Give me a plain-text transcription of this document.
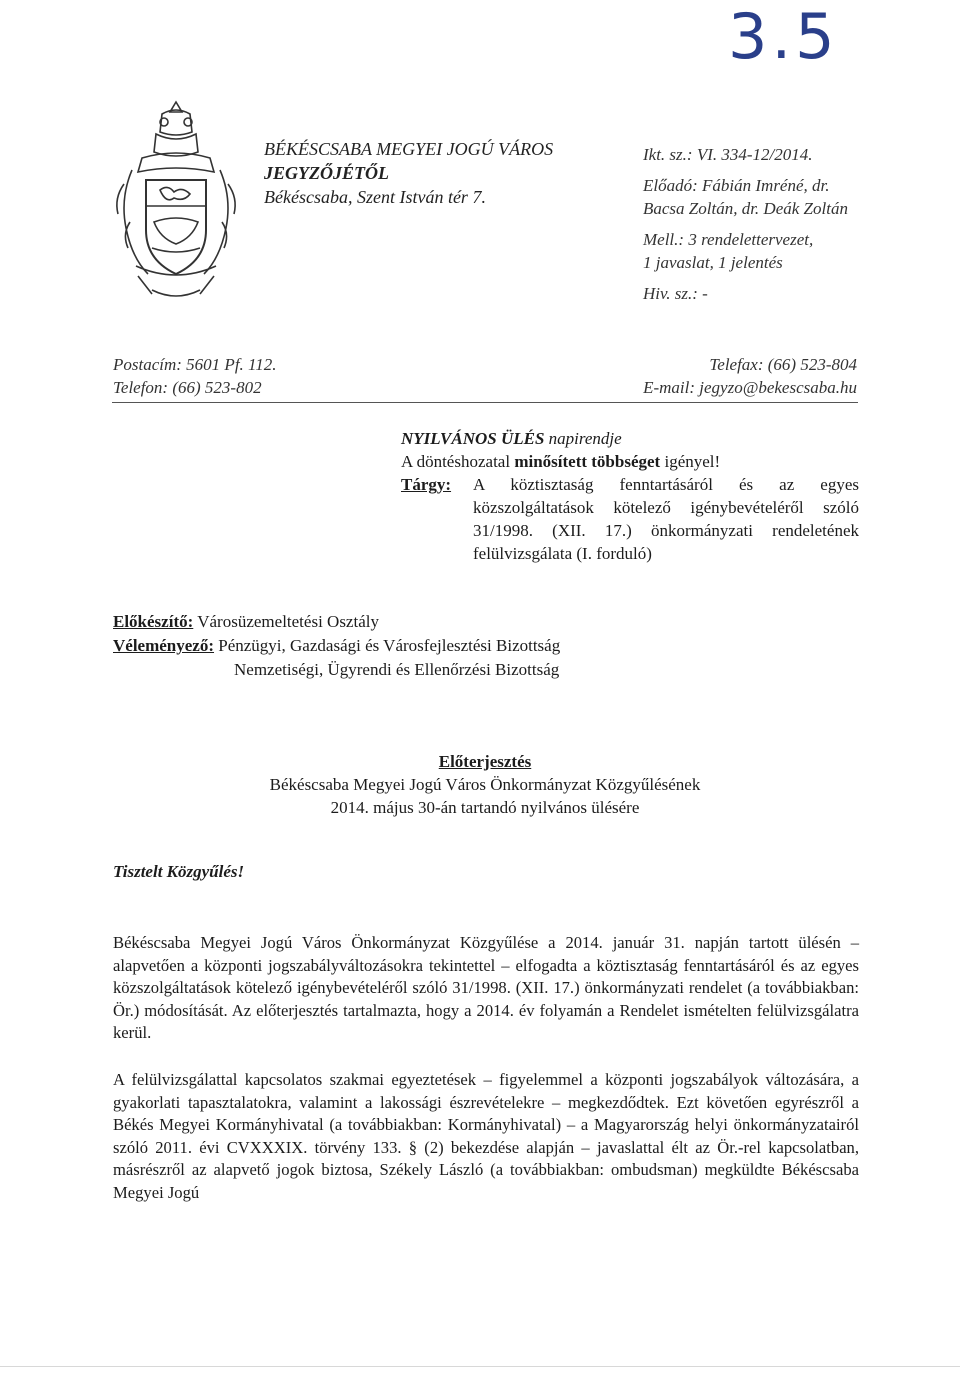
3.5
BÉKÉSCSABA MEGYEI JOGÚ VÁROS
JEGYZŐJÉTŐL
Békéscsaba, Szent István tér 7.
Ikt. sz.: VI. 334-12/2014.
Előadó: Fábián Imréné, dr.
Bacsa Zoltán, dr. Deák Zoltán
Mell.: 3 rendelettervezet,
1 javaslat, 1 jelentés
Hiv. sz.: -
Postacím: 5601 Pf. 112.
Telefon: (66) 523-802
Telefax: (66) 523-804
E-mail: jegyzo@bekescsaba.hu
NYILVÁNOS ÜLÉS napirendje
A döntéshozatal minősített többséget igényel!
Tárgy:	A köztisztaság fenntartásáról és az egyes közszolgáltatások kötelező igénybevételéről szóló 31/1998. (XII. 17.) önkormányzati rendeletének felülvizsgálata (I. forduló)
Előkészítő: Városüzemeltetési Osztály
Véleményező: Pénzügyi, Gazdasági és Városfejlesztési Bizottság
Nemzetiségi, Ügyrendi és Ellenőrzési Bizottság
Előterjesztés
Békéscsaba Megyei Jogú Város Önkormányzat Közgyűlésének
2014. május 30-án tartandó nyilvános ülésére
Tisztelt Közgyűlés!
Békéscsaba Megyei Jogú Város Önkormányzat Közgyűlése a 2014. január 31. napján tartott ülésén – alapvetően a központi jogszabályváltozásokra tekintettel – elfogadta a köztisztaság fenntartásáról és az egyes közszolgáltatások kötelező igénybevételéről szóló 31/1998. (XII. 17.) önkormányzati rendelet (a továbbiakban: Ör.) módosítását. Az előterjesztés tartalmazta, hogy a 2014. év folyamán a Rendelet ismételten felülvizsgálatra kerül.
A felülvizsgálattal kapcsolatos szakmai egyeztetések – figyelemmel a központi jogszabályok változására, a gyakorlati tapasztalatokra, valamint a lakossági észrevételekre – megkezdődtek. Ezt követően egyrészről a Békés Megyei Kormányhivatal (a továbbiakban: Kormányhivatal) – a Magyarország helyi önkormányzatairól szóló 2011. évi CVXXXIX. törvény 133. § (2) bekezdése alapján – javaslattal élt az Ör.-rel kapcsolatban, másrészről az alapvető jogok biztosa, Székely László (a továbbiakban: ombudsman) megküldte Békéscsaba Megyei Jogú
